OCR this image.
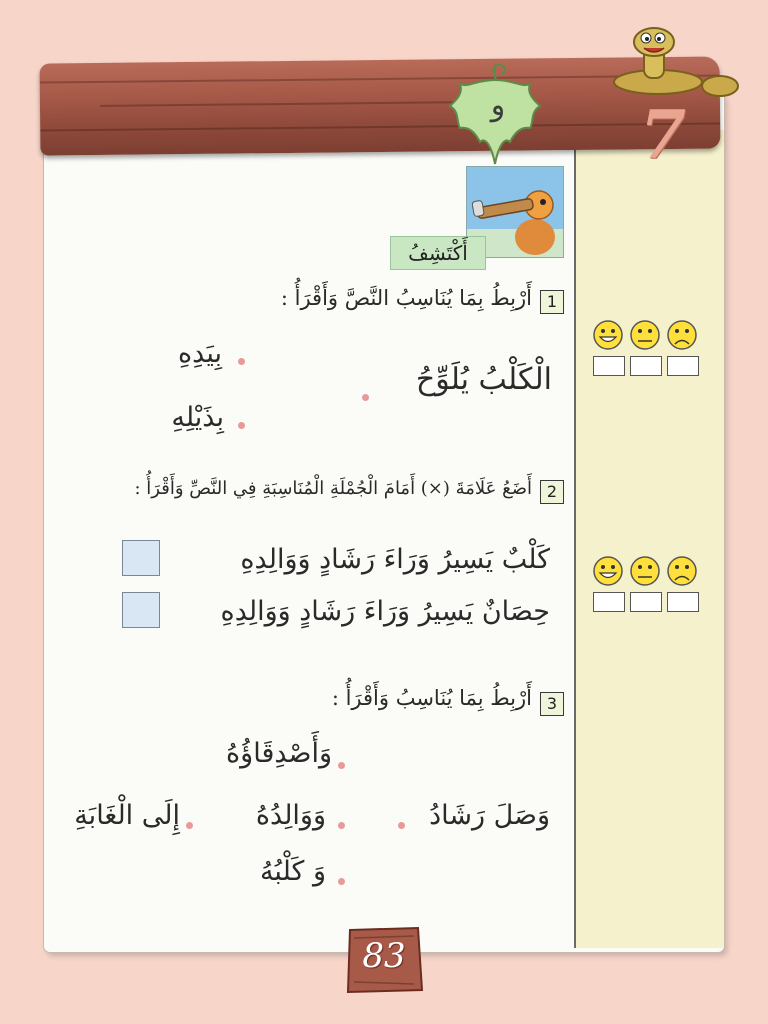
و 7
أَكْتَشِفُ
1
أَرْبِطُ بِمَا يُنَاسِبُ النَّصَّ وَأَقْرَأُ :
الْكَلْبُ يُلَوِّحُ
بِيَدِهِ
بِذَيْلِهِ
2
أَضَعُ عَلَامَةَ (×) أَمَامَ الْجُمْلَةِ الْمُنَاسِبَةِ فِي النَّصِّ وَأَقْرَأُ :
كَلْبٌ يَسِيرُ وَرَاءَ رَشَادٍ وَوَالِدِهِ
حِصَانٌ يَسِيرُ وَرَاءَ رَشَادٍ وَوَالِدِهِ
3
أَرْبِطُ بِمَا يُنَاسِبُ وَأَقْرَأُ :
وَأَصْدِقَاؤُهُ
وَوَالِدُهُ
وَ كَلْبُهُ
وَصَلَ رَشَادُ
إِلَى الْغَابَةِ
83
